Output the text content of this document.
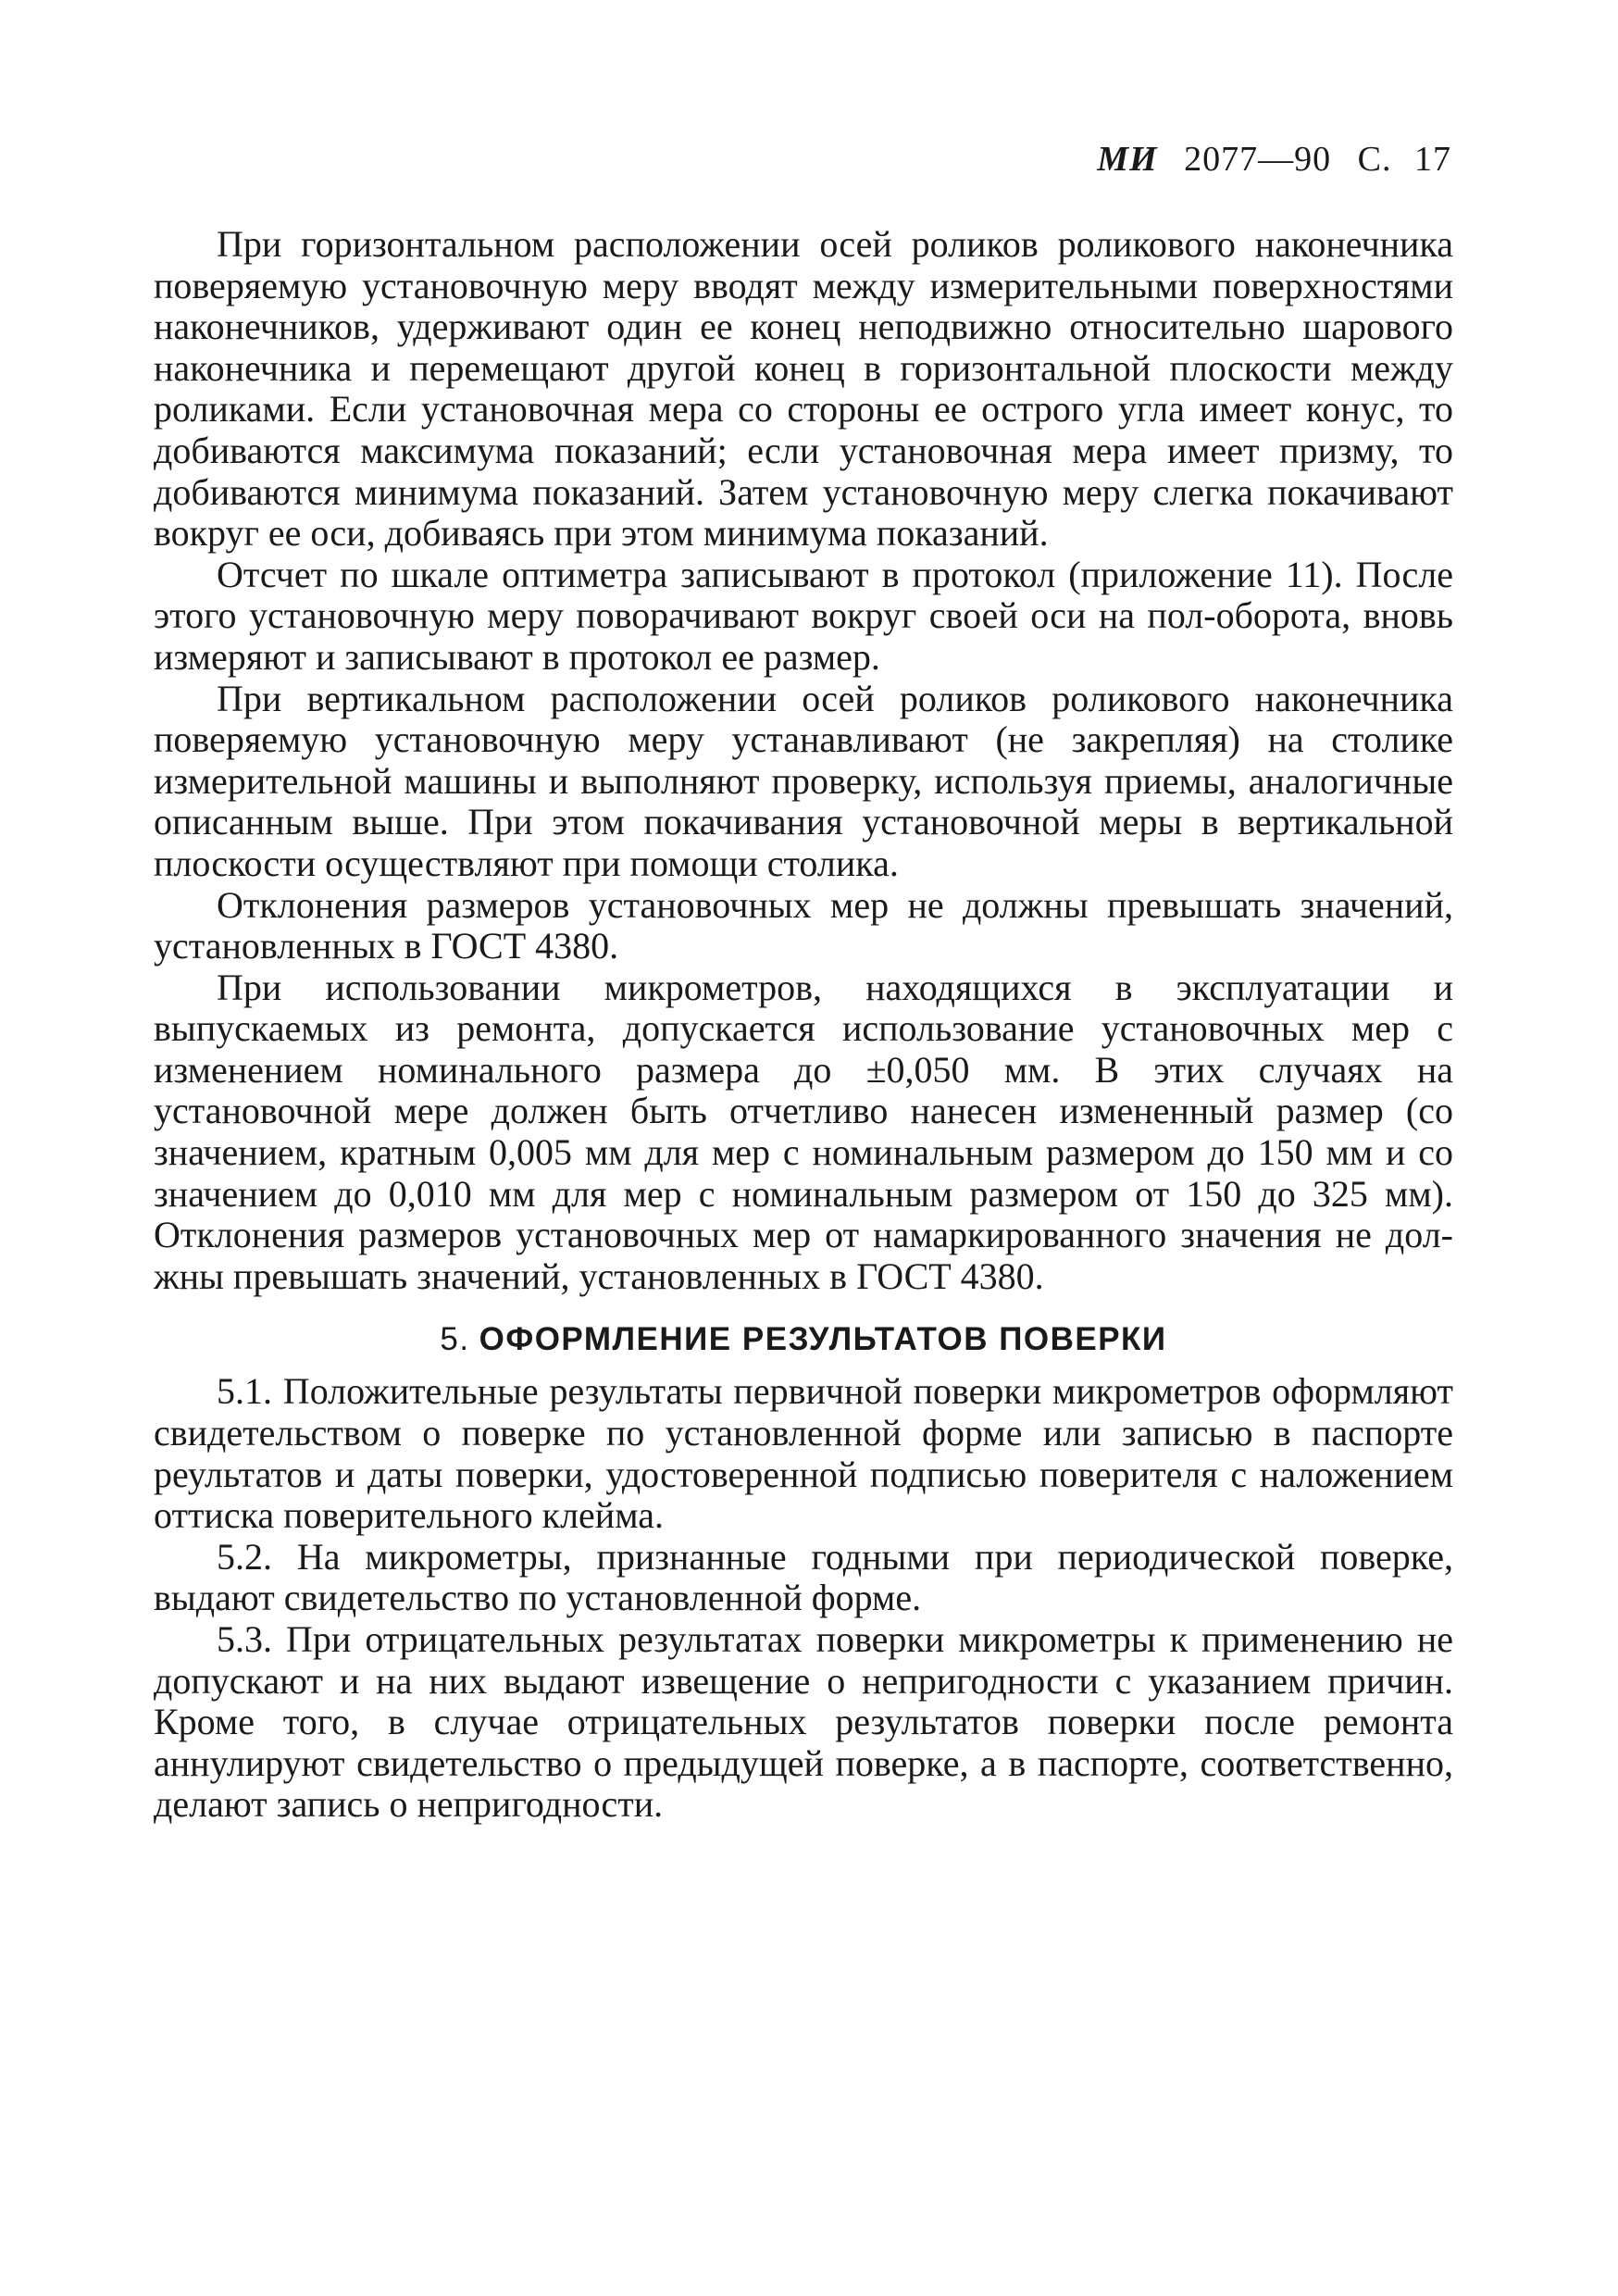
МИ 2077—90 С. 17

При горизонтальном расположении осей роликов роликового наконечника поверяемую установочную меру вводят между измерительными поверхностями наконечников, удерживают один ее конец неподвижно относительно шарового наконечника и перемещают другой конец в горизонтальной плоскости между роликами. Если установочная мера со стороны ее острого угла имеет конус, то добиваются максимума показаний; если установочная мера имеет призму, то добиваются минимума показаний. Затем установочную меру слегка покачивают вокруг ее оси, добиваясь при этом минимума показаний.

Отсчет по шкале оптиметра записывают в протокол (приложение 11). После этого установочную меру поворачивают вокруг своей оси на пол-оборота, вновь измеряют и записывают в протокол ее размер.

При вертикальном расположении осей роликов роликового наконечника поверяемую установочную меру устанавливают (не закрепляя) на столике измерительной машины и выполняют проверку, используя приемы, аналогичные описанным выше. При этом покачивания установочной меры в вертикальной плоскости осуществляют при помощи столика.

Отклонения размеров установочных мер не должны превышать значений, установленных в ГОСТ 4380.

При использовании микрометров, находящихся в эксплуатации и выпускаемых из ремонта, допускается использование установочных мер с изменением номинального размера до ±0,050 мм. В этих случаях на установочной мере должен быть отчетливо нанесен измененный размер (со значением, кратным 0,005 мм для мер с номинальным размером до 150 мм и со значением до 0,010 мм для мер с номинальным размером от 150 до 325 мм). Отклонения размеров установочных мер от намаркированного значения не должны превышать значений, установленных в ГОСТ 4380.

5. ОФОРМЛЕНИЕ РЕЗУЛЬТАТОВ ПОВЕРКИ

5.1. Положительные результаты первичной поверки микрометров оформляют свидетельством о поверке по установленной форме или записью в паспорте реультатов и даты поверки, удостоверенной подписью поверителя с наложением оттиска поверительного клейма.

5.2. На микрометры, признанные годными при периодической поверке, выдают свидетельство по установленной форме.

5.3. При отрицательных результатах поверки микрометры к применению не допускают и на них выдают извещение о непригодности с указанием причин. Кроме того, в случае отрицательных результатов поверки после ремонта аннулируют свидетельство о предыдущей поверке, а в паспорте, соответственно, делают запись о непригодности.
